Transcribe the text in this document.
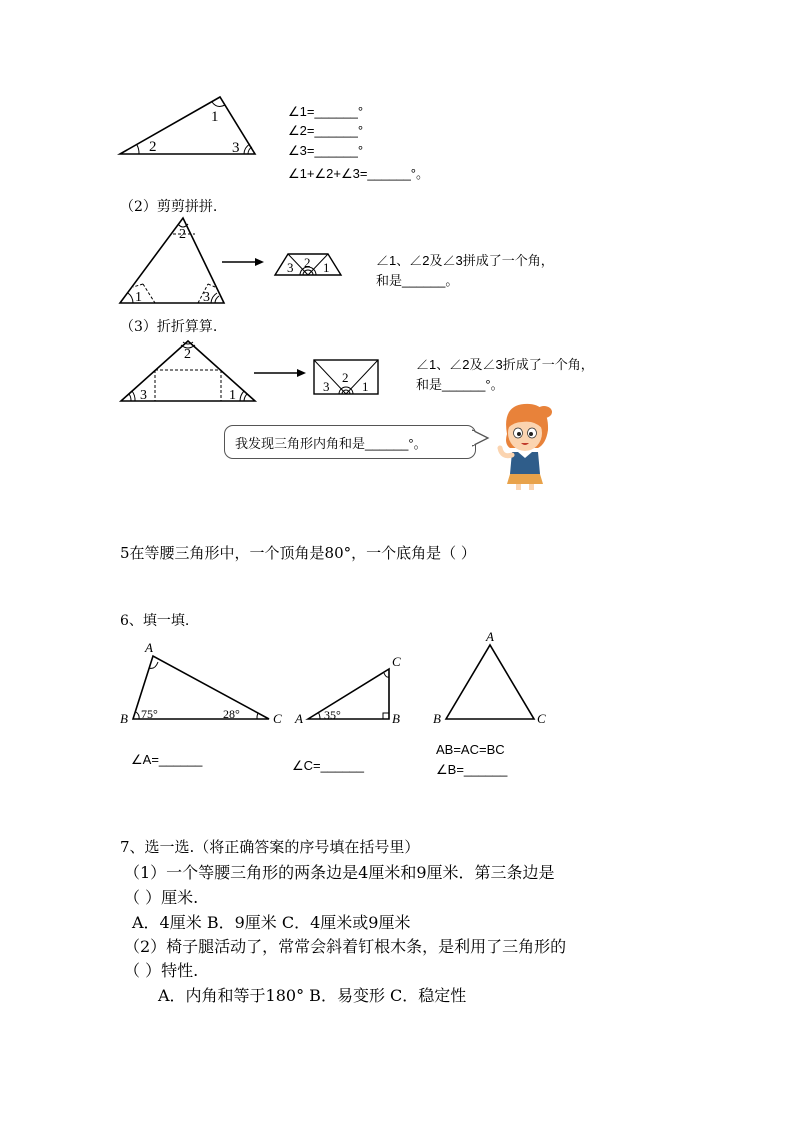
1
2	3
∠1=______°
∠2=______°
∠3=______°
∠1+∠2+∠3=______°。
（2）剪剪拼拼.
2
1	3
3 2 1	∠1、∠2及∠3拼成了一个角，
和是______。
（3）折折算算.
2
3	1
3
2
1
∠1、∠2及∠3折成了一个角，
和是______°。
我发现三角形内角和是______°。
5在等腰三角形中，一个顶角是80°，一个底角是（ ）
6、填一填.
A
B	C
75°	28°
∠A=______
A	B
C
35°
∠C=______
A
B	C
AB=AC=BC
∠B=______
7、选一选.（将正确答案的序号填在括号里）
（1）一个等腰三角形的两条边是4厘米和9厘米．第三条边是
（ ）厘米.
A．4厘米 B．9厘米 C．4厘米或9厘米
（2）椅子腿活动了，常常会斜着钉根木条，是利用了三角形的
（ ）特性.
A．内角和等于180° B．易变形 C．稳定性
